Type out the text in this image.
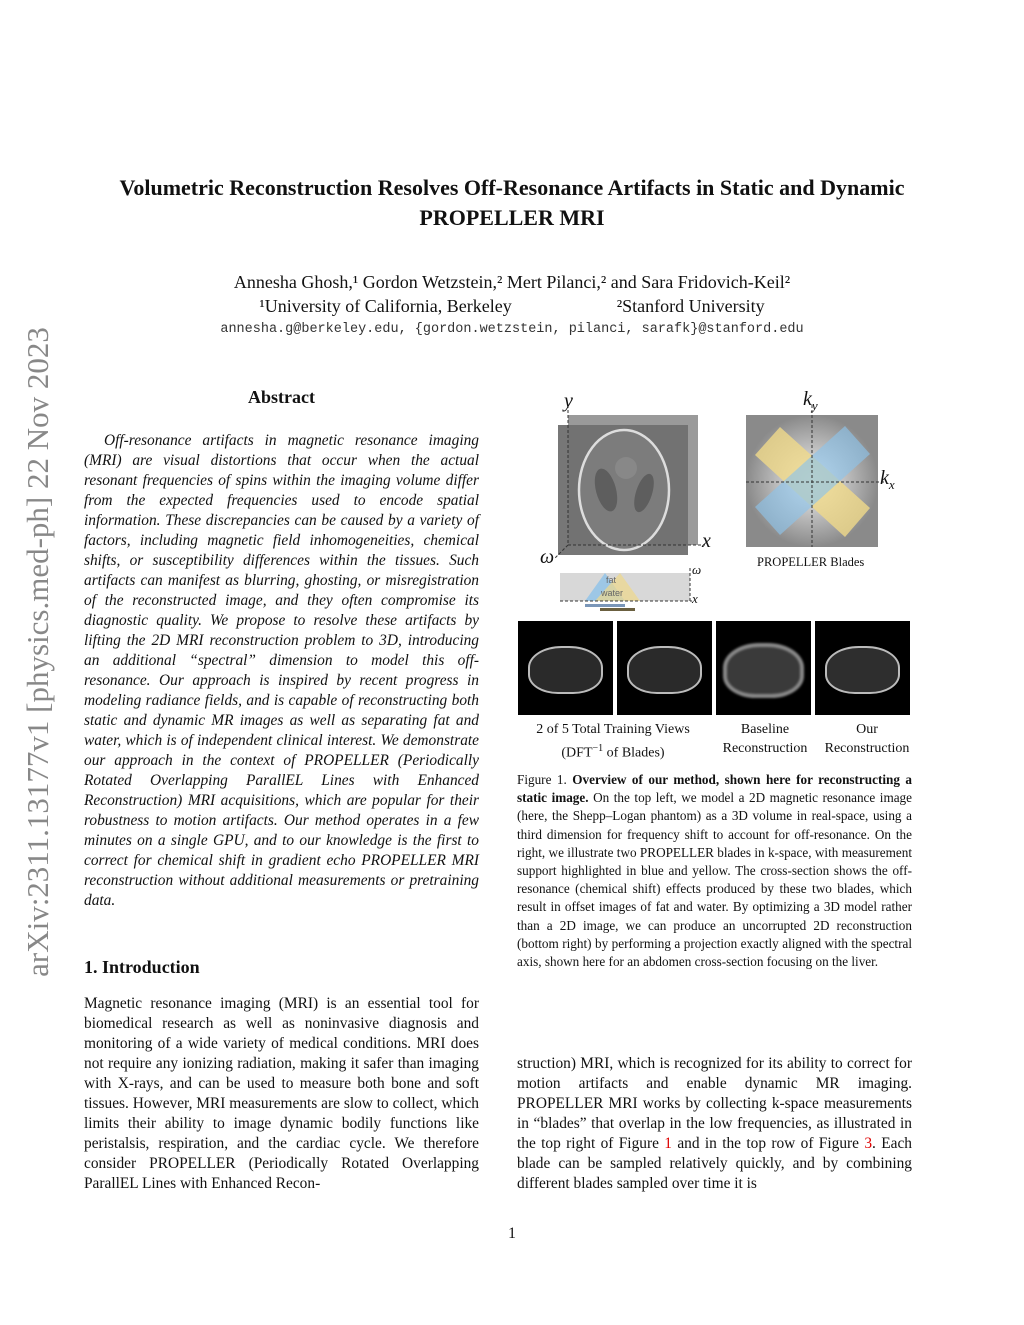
arXiv:2311.13177v1 [physics.med-ph] 22 Nov 2023
Volumetric Reconstruction Resolves Off-Resonance Artifacts in Static and Dynamic PROPELLER MRI
Annesha Ghosh,¹ Gordon Wetzstein,² Mert Pilanci,² and Sara Fridovich-Keil²
¹University of California, Berkeley	²Stanford University
annesha.g@berkeley.edu, {gordon.wetzstein, pilanci, sarafk}@stanford.edu
Abstract
Off-resonance artifacts in magnetic resonance imaging (MRI) are visual distortions that occur when the actual resonant frequencies of spins within the imaging volume differ from the expected frequencies used to encode spatial information. These discrepancies can be caused by a variety of factors, including magnetic field inhomogeneities, chemical shifts, or susceptibility differences within the tissues. Such artifacts can manifest as blurring, ghosting, or misregistration of the reconstructed image, and they often compromise its diagnostic quality. We propose to resolve these artifacts by lifting the 2D MRI reconstruction problem to 3D, introducing an additional “spectral” dimension to model this off-resonance. Our approach is inspired by recent progress in modeling radiance fields, and is capable of reconstructing both static and dynamic MR images as well as separating fat and water, which is of independent clinical interest. We demonstrate our approach in the context of PROPELLER (Periodically Rotated Overlapping ParallEL Lines with Enhanced Reconstruction) MRI acquisitions, which are popular for their robustness to motion artifacts. Our method operates in a few minutes on a single GPU, and to our knowledge is the first to correct for chemical shift in gradient echo PROPELLER MRI reconstruction without additional measurements or pretraining data.
1. Introduction
Magnetic resonance imaging (MRI) is an essential tool for biomedical research as well as noninvasive diagnosis and monitoring of a wide variety of medical conditions. MRI does not require any ionizing radiation, making it safer than imaging with X-rays, and can be used to measure both bone and soft tissues. However, MRI measurements are slow to collect, which limits their ability to image dynamic bodily functions like peristalsis, respiration, and the cardiac cycle. We therefore consider PROPELLER (Periodically Rotated Overlapping ParallEL Lines with Enhanced Recon-
y
x
ω
ω
x
fat
water
$k_y$
$k_x$
PROPELLER Blades
2 of 5 Total Training Views
($DFT^{-1}$ of Blades)
Baseline
Reconstruction
Our
Reconstruction
Figure 1. Overview of our method, shown here for reconstructing a static image. On the top left, we model a 2D magnetic resonance image (here, the Shepp–Logan phantom) as a 3D volume in real-space, using a third dimension for frequency shift to account for off-resonance. On the right, we illustrate two PROPELLER blades in k-space, with measurement support highlighted in blue and yellow. The cross-section shows the off-resonance (chemical shift) effects produced by these two blades, which result in offset images of fat and water. By optimizing a 3D model rather than a 2D image, we can produce an uncorrupted 2D reconstruction (bottom right) by performing a projection exactly aligned with the spectral axis, shown here for an abdomen cross-section focusing on the liver.
struction) MRI, which is recognized for its ability to correct for motion artifacts and enable dynamic MR imaging. PROPELLER MRI works by collecting k-space measurements in “blades” that overlap in the low frequencies, as illustrated in the top right of Figure 1 and in the top row of Figure 3. Each blade can be sampled relatively quickly, and by combining different blades sampled over time it is
1
